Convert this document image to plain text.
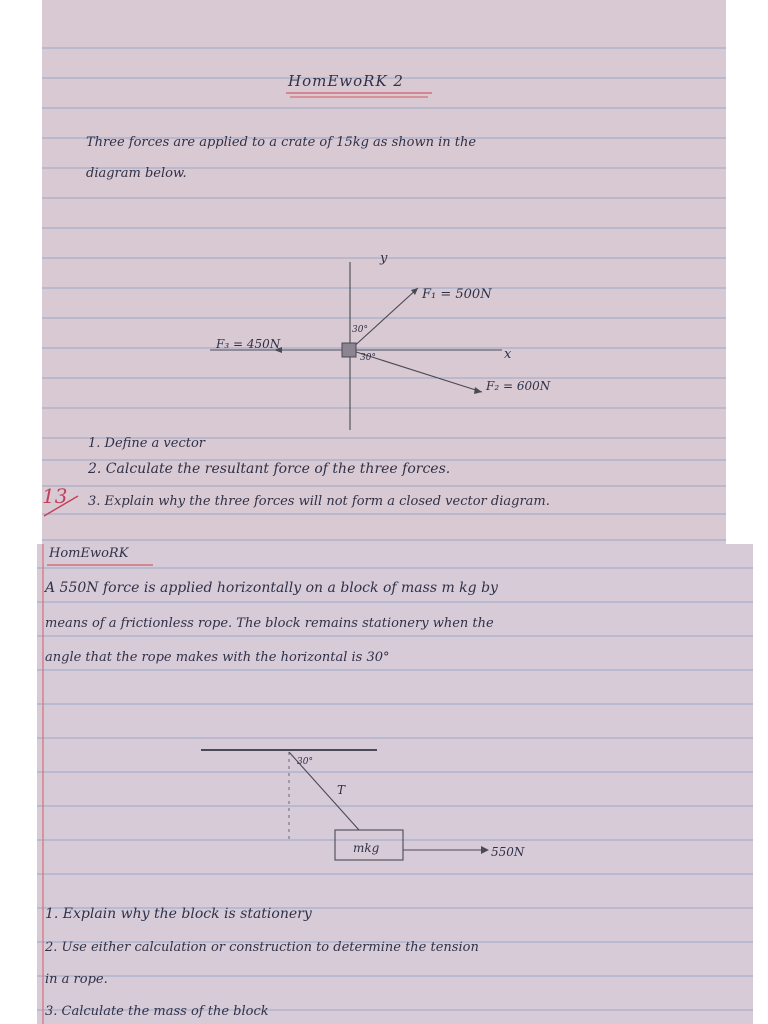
HomEwoRK 2
Three forces are applied to a crate of 15kg as shown in the
diagram below.
y
x
F₁ = 500N
F₂ = 600N
F₃ = 450N
30°
30°
1. Define a vector
2. Calculate the resultant force of the three forces.
3. Explain why the three forces will not form a closed vector diagram.
13
HomEwoRK
A 550N force is applied horizontally on a block of mass m kg by
means of a frictionless rope. The block remains stationery when the
angle that the rope makes with the horizontal is 30°
30°
T
mkg	550N
1. Explain why the block is stationery
2. Use either calculation or construction to determine the tension
in a rope.
3. Calculate the mass of the block
